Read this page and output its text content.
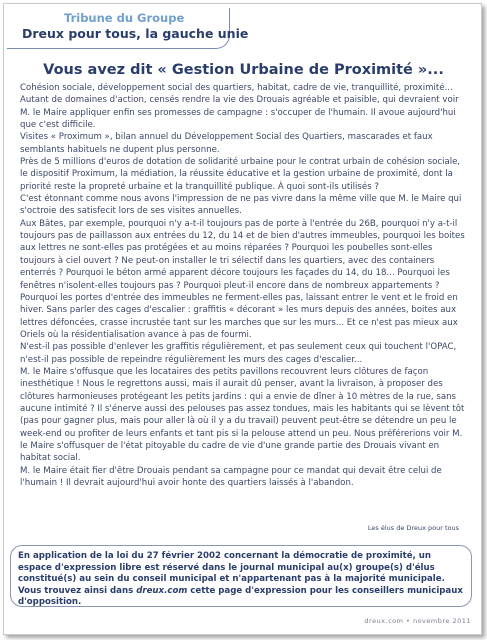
Tribune du Groupe
Dreux pour tous, la gauche unie
Vous avez dit « Gestion Urbaine de Proximité »...

Cohésion sociale, développement social des quartiers, habitat, cadre de vie, tranquillité, proximité...

Autant de domaines d'action, censés rendre la vie des Drouais agréable et paisible, qui devraient voir M. le Maire appliquer enfin ses promesses de campagne : s'occuper de l'humain. Il avoue aujourd'hui que c'est difficile.

Visites « Proximum », bilan annuel du Développement Social des Quartiers, mascarades et faux semblants habituels ne dupent plus personne.

Près de 5 millions d'euros de dotation de solidarité urbaine pour le contrat urbain de cohésion sociale, le dispositif Proximum, la médiation, la réussite éducative et la gestion urbaine de proximité, dont la priorité reste la propreté urbaine et la tranquillité publique. À quoi sont-ils utilisés ?

C'est étonnant comme nous avons l'impression de ne pas vivre dans la même ville que M. le Maire qui s'octroie des satisfecit lors de ses visites annuelles.

Aux Bâtes, par exemple, pourquoi n'y a-t-il toujours pas de porte à l'entrée du 26B, pourquoi n'y a-t-il toujours pas de paillasson aux entrées du 12, du 14 et de bien d'autres immeubles, pourquoi les boites aux lettres ne sont-elles pas protégées et au moins réparées ? Pourquoi les poubelles sont-elles toujours à ciel ouvert ? Ne peut-on installer le tri sélectif dans les quartiers, avec des containers enterrés ? Pourquoi le béton armé apparent décore toujours les façades du 14, du 18... Pourquoi les fenêtres n'isolent-elles toujours pas ? Pourquoi pleut-il encore dans de nombreux appartements ? Pourquoi les portes d'entrée des immeubles ne ferment-elles pas, laissant entrer le vent et le froid en hiver. Sans parler des cages d'escalier : graffitis « décorant » les murs depuis des années, boites aux lettres défoncées, crasse incrustée tant sur les marches que sur les murs... Et ce n'est pas mieux aux Oriels où la résidentialisation avance à pas de fourmi.

N'est-il pas possible d'enlever les graffitis régulièrement, et pas seulement ceux qui touchent l'OPAC, n'est-il pas possible de repeindre régulièrement les murs des cages d'escalier...

M. le Maire s'offusque que les locataires des petits pavillons recouvrent leurs clôtures de façon inesthétique ! Nous le regrettons aussi, mais il aurait dû penser, avant la livraison, à proposer des clôtures harmonieuses protégeant les petits jardins : qui a envie de dîner à 10 mètres de la rue, sans aucune intimité ? Il s'énerve aussi des pelouses pas assez tondues, mais les habitants qui se lèvent tôt (pas pour gagner plus, mais pour aller là où il y a du travail) peuvent peut-être se détendre un peu le week-end ou profiter de leurs enfants et tant pis si la pelouse attend un peu. Nous préférerions voir M. le Maire s'offusquer de l'état pitoyable du cadre de vie d'une grande partie des Drouais vivant en habitat social.

M. le Maire était fier d'être Drouais pendant sa campagne pour ce mandat qui devait être celui de l'humain ! Il devrait aujourd'hui avoir honte des quartiers laissés à l'abandon.

Les élus de Dreux pour tous
En application de la loi du 27 février 2002 concernant la démocratie de proximité, un espace d'expression libre est réservé dans le journal municipal au(x) groupe(s) d'élus constitué(s) au sein du conseil municipal et n'appartenant pas à la majorité municipale. Vous trouvez ainsi dans dreux.com cette page d'expression pour les conseillers municipaux d'opposition.
dreux.com • novembre 2011
